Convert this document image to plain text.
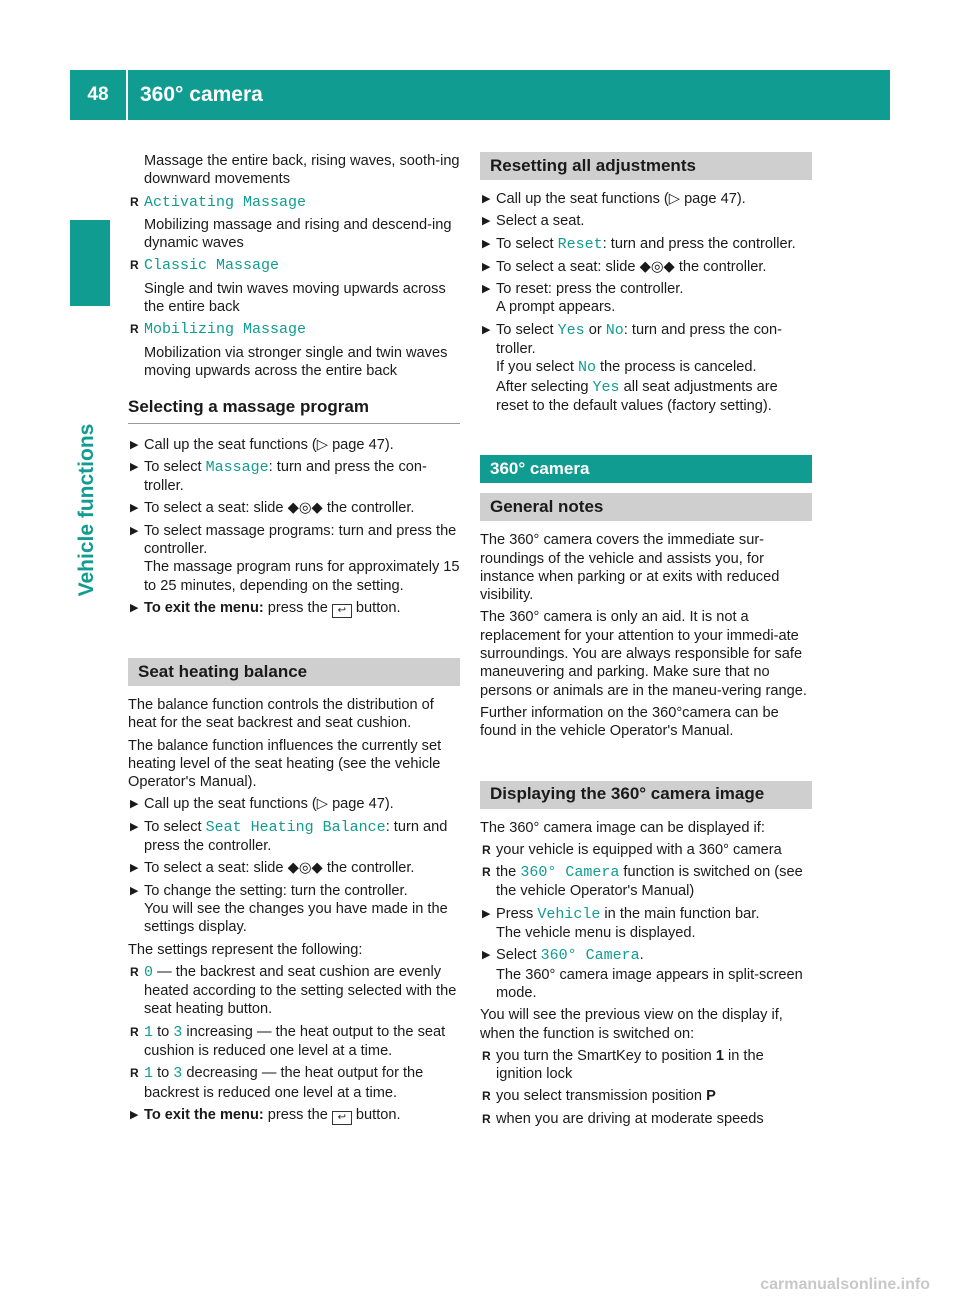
48	360° camera
Vehicle functions
Massage the entire back, rising waves, sooth-ing downward movements
R Activating Massage
Mobilizing massage and rising and descend-ing dynamic waves
R Classic Massage
Single and twin waves moving upwards across the entire back
R Mobilizing Massage
Mobilization via stronger single and twin waves moving upwards across the entire back
Selecting a massage program
▶ Call up the seat functions (▷ page 47).
▶ To select Massage: turn and press the con-troller.
▶ To select a seat: slide ◆◎◆ the controller.
▶ To select massage programs: turn and press the controller.
The massage program runs for approximately 15 to 25 minutes, depending on the setting.
▶ To exit the menu: press the ↩ button.
Seat heating balance
The balance function controls the distribution of heat for the seat backrest and seat cushion.
The balance function influences the currently set heating level of the seat heating (see the vehicle Operator's Manual).
▶ Call up the seat functions (▷ page 47).
▶ To select Seat Heating Balance: turn and press the controller.
▶ To select a seat: slide ◆◎◆ the controller.
▶ To change the setting: turn the controller.
You will see the changes you have made in the settings display.
The settings represent the following:
R 0 — the backrest and seat cushion are evenly heated according to the setting selected with the seat heating button.
R 1 to 3 increasing — the heat output to the seat cushion is reduced one level at a time.
R 1 to 3 decreasing — the heat output for the backrest is reduced one level at a time.
▶ To exit the menu: press the ↩ button.
Resetting all adjustments
▶ Call up the seat functions (▷ page 47).
▶ Select a seat.
▶ To select Reset: turn and press the controller.
▶ To select a seat: slide ◆◎◆ the controller.
▶ To reset: press the controller.
A prompt appears.
▶ To select Yes or No: turn and press the con-troller.
If you select No the process is canceled.
After selecting Yes all seat adjustments are reset to the default values (factory setting).
360° camera
General notes
The 360° camera covers the immediate sur-roundings of the vehicle and assists you, for instance when parking or at exits with reduced visibility.
The 360° camera is only an aid. It is not a replacement for your attention to your immedi-ate surroundings. You are always responsible for safe maneuvering and parking. Make sure that no persons or animals are in the maneu-vering range.
Further information on the 360°camera can be found in the vehicle Operator's Manual.
Displaying the 360° camera image
The 360° camera image can be displayed if:
R your vehicle is equipped with a 360° camera
R the 360° Camera function is switched on (see the vehicle Operator's Manual)
▶ Press Vehicle in the main function bar.
The vehicle menu is displayed.
▶ Select 360° Camera.
The 360° camera image appears in split-screen mode.
You will see the previous view on the display if, when the function is switched on:
R you turn the SmartKey to position 1 in the ignition lock
R you select transmission position P
R when you are driving at moderate speeds
carmanualsonline.info
